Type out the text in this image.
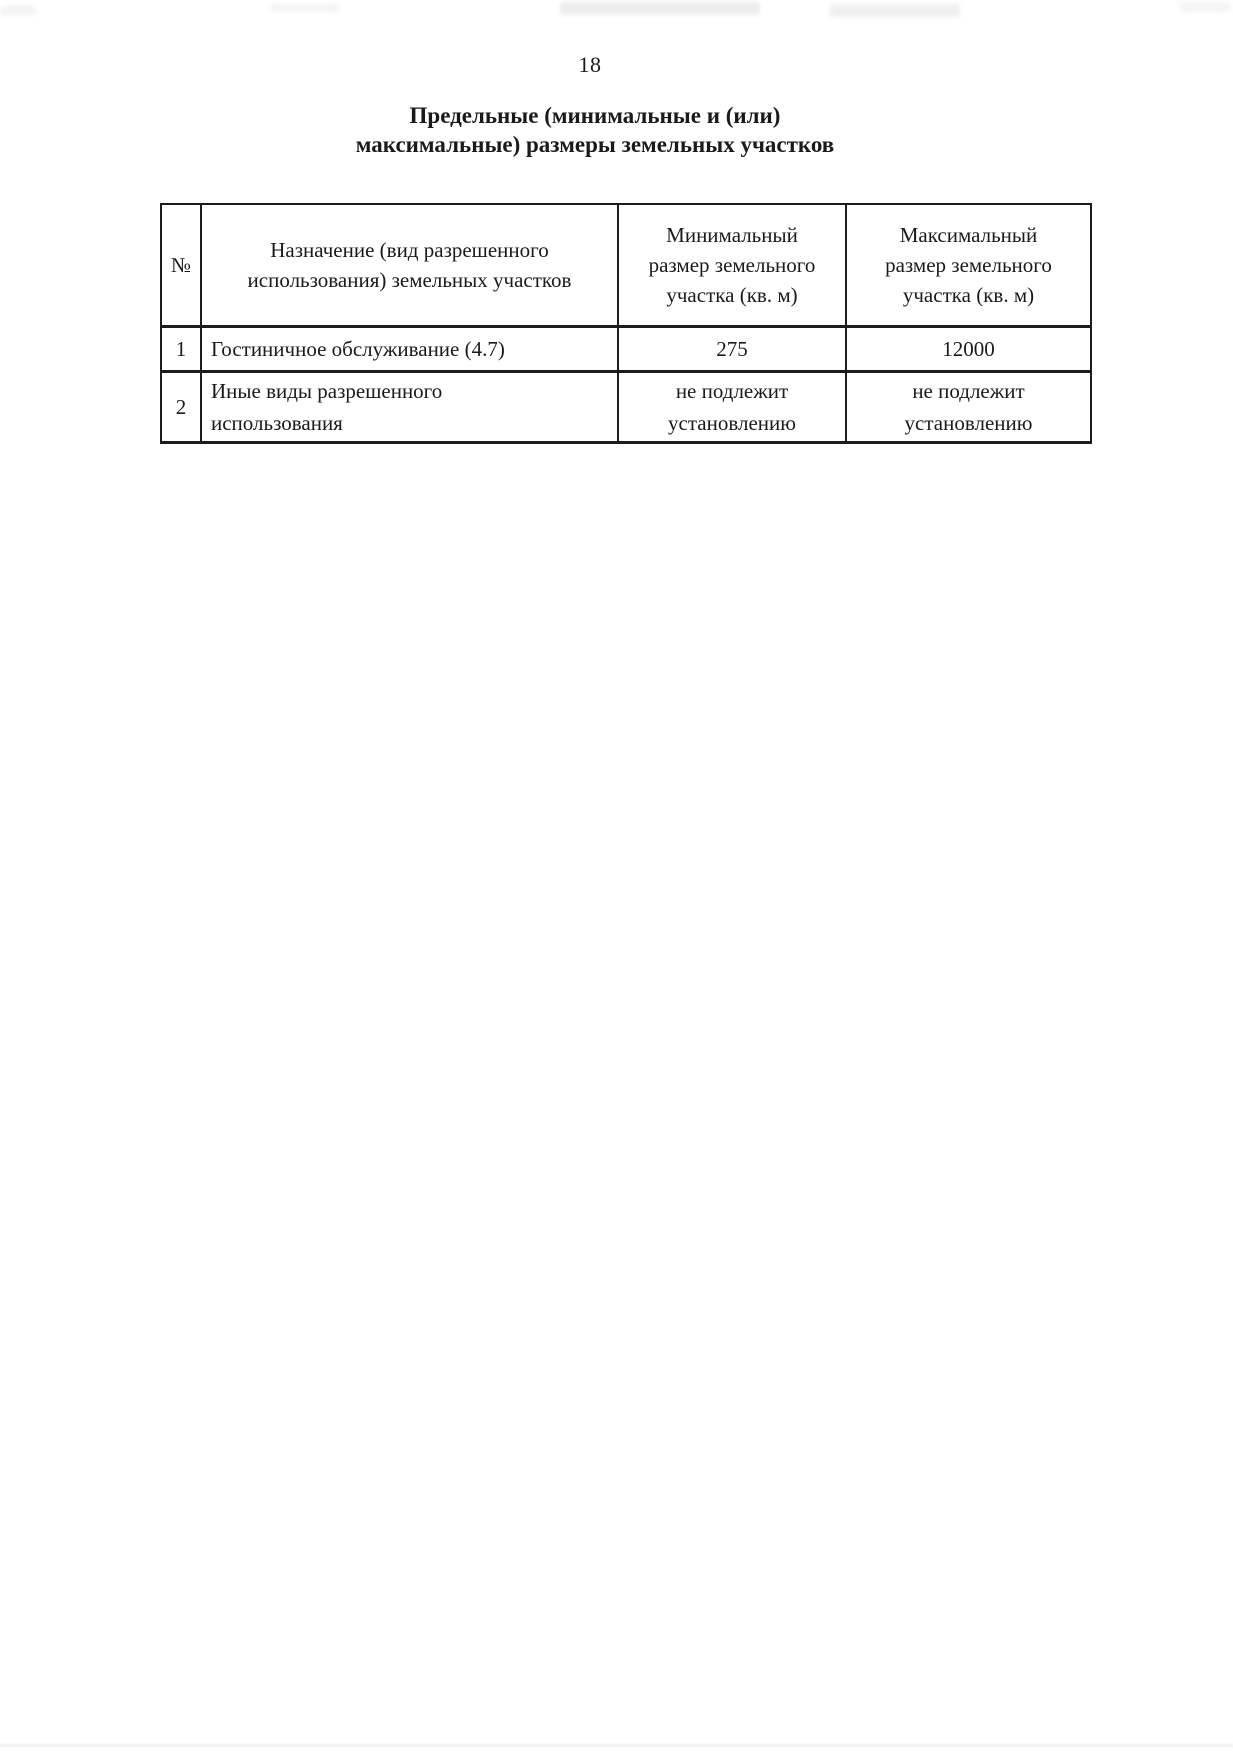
18
Предельные (минимальные и (или)
максимальные) размеры земельных участков
№	Назначение (вид разрешенного использования) земельных участков	Минимальный размер земельного участка (кв. м)	Максимальный размер земельного участка (кв. м)
1	Гостиничное обслуживание (4.7)	275	12000
2	Иные виды разрешенного использования	не подлежит установлению	не подлежит установлению
